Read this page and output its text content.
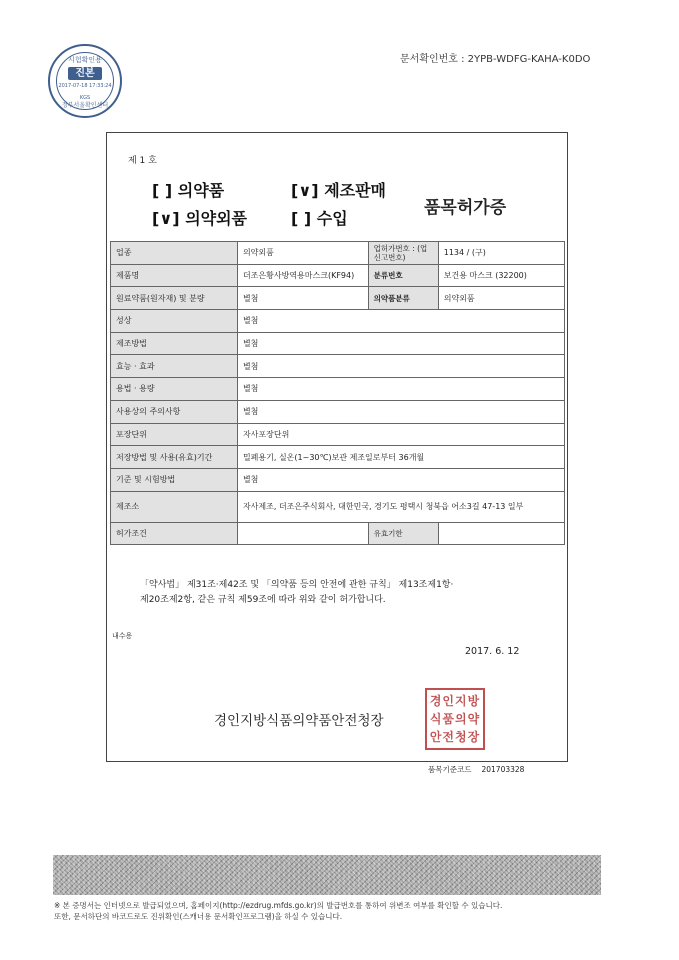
시험확인용
진본
2017-07-18 17:33:24
정부서울확인센터
KGS
문서확인번호 : 2YPB-WDFG-KAHA-K0DO
제 1 호
[ ] 의약품	[∨] 제조판매
[∨] 의약외품	[ ] 수입
품목허가증
업종	의약외품	업허가번호 : (업신고번호)	1134 / (구)
제품명	더조은황사방역용마스크(KF94)	분류번호	보건용 마스크 (32200)
원료약품(원자재) 및 분량	별첨	의약품분류	의약외품
성상	별첨		
제조방법	별첨		
효능 · 효과	별첨		
용법 · 용량	별첨		
사용상의 주의사항	별첨		
포장단위	자사포장단위		
저장방법 및 사용(유효)기간	밀폐용기, 실온(1~30℃)보관 제조일로부터 36개월		
기준 및 시험방법	별첨		
제조소	자사제조, 더조은주식회사, 대한민국, 경기도 평택시 청북읍 어소3길 47-13 일부		
허가조건		유효기한	
「약사법」 제31조·제42조 및 「의약품 등의 안전에 관한 규칙」 제13조제1항·
제20조제2항, 같은 규칙 제59조에 따라 위와 같이 허가합니다.
내수용
2017. 6. 12
경인지방식품의약품안전청장
경인지방
식품의약
안전청장
품목기준코드 201703328
※ 본 증명서는 인터넷으로 발급되었으며, 홈페이지(http://ezdrug.mfds.go.kr)의 발급번호를 통하여 위변조 여부를 확인할 수 있습니다.
또한, 문서하단의 바코드로도 진위확인(스캐너용 문서확인프로그램)을 하실 수 있습니다.
